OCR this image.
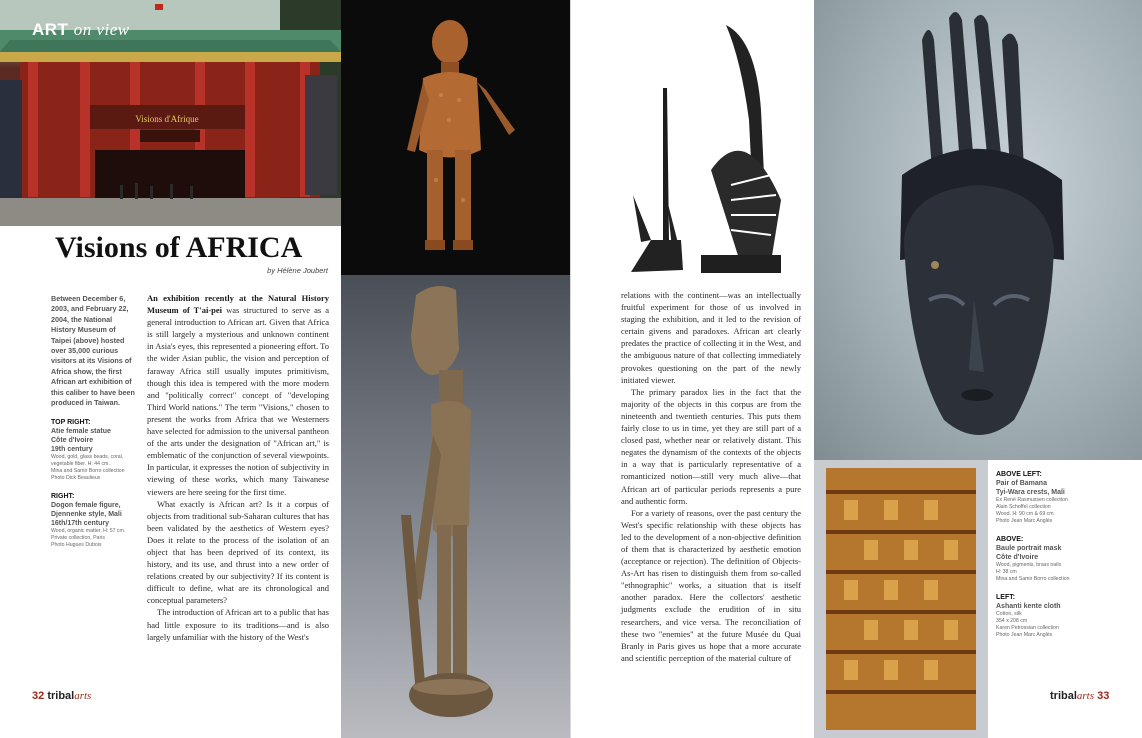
Visions d'Afrique
ART on view
Visions of AFRICA
by Hélène Joubert
Between December 6, 2003, and February 22, 2004, the National History Museum of Taipei (above) hosted over 35,000 curious visitors at its Visions of Africa show, the first African art exhibition of this caliber to have been produced in Taiwan.
TOP RIGHT:
Atie female statue
Côte d'Ivoire
19th century
Wood, gold, glass beads, coral,
vegetable fiber. H: 44 cm.
Mina and Samir Borro collection
Photo Dick Beaulieux
RIGHT:
Dogon female figure,
Djennenke style, Mali
16th/17th century
Wood, organic matter. H: 57 cm.
Private collection, Paris
Photo Hugues Dubois

An exhibition recently at the Natural History Museum of T'ai-pei was structured to serve as a general introduction to African art. Given that Africa is still largely a mysterious and unknown continent in Asia's eyes, this represented a pioneering effort. To the wider Asian public, the vision and perception of faraway Africa still usually imputes primitivism, though this idea is tempered with the more modern and "politically correct" concept of "developing Third World nations." The term "Visions," chosen to present the works from Africa that we Westerners have selected for admission to the universal pantheon of the arts under the designation of "African art," is emblematic of the conjunction of several viewpoints. In particular, it expresses the notion of subjectivity in viewing of these works, which many Taiwanese viewers are here seeing for the first time.

What exactly is African art? Is it a corpus of objects from traditional sub-Saharan cultures that has been validated by the aesthetics of Western eyes? Does it relate to the process of the isolation of an object that has been deprived of its context, its history, and its use, and thrust into a new order of relations created by our subjectivity? If its content is difficult to define, what are its chronological and conceptual parameters?

The introduction of African art to a public that has had little exposure to its traditions—and is also largely unfamiliar with the history of the West's

32 tribalarts

relations with the continent—was an intellectually fruitful experiment for those of us involved in staging the exhibition, and it led to the revision of certain givens and paradoxes. African art clearly predates the practice of collecting it in the West, and the ambiguous nature of that collecting immediately provokes questioning on the part of the newly initiated viewer.

The primary paradox lies in the fact that the majority of the objects in this corpus are from the nineteenth and twentieth centuries. This puts them fairly close to us in time, yet they are still part of a closed past, whether near or relatively distant. This negates the dynamism of the contexts of the objects in a way that is particularly representative of a romanticized notion—still very much alive—that African art of particular periods represents a pure and authentic form.

For a variety of reasons, over the past century the West's specific relationship with these objects has led to the development of a non-objective definition of them that is characterized by aesthetic emotion (acceptance or rejection). The definition of Objects-As-Art has risen to distinguish them from so-called "ethnographic" works, a situation that is itself another paradox. Here the collectors' aesthetic judgments exclude the erudition of in situ researchers, and vice versa. The reconciliation of these two "enemies" at the future Musée du Quai Branly in Paris gives us hope that a more accurate and scientific perception of the material culture of

ABOVE LEFT:
Pair of Bamana
Tyi-Wara crests, Mali
Ex René Rasmussen collection
Alain Schoffel collection
Wood. H: 90 cm & 69 cm
Photo Jean Marc Anglès
ABOVE:
Baule portrait mask
Côte d'Ivoire
Wood, pigments, brass nails
H: 38 cm
Mina and Samir Borro collection
LEFT:
Ashanti kente cloth
Cotton, silk
354 x 208 cm
Karen Petrossian collection
Photo Jean Marc Anglès
tribalarts 33
